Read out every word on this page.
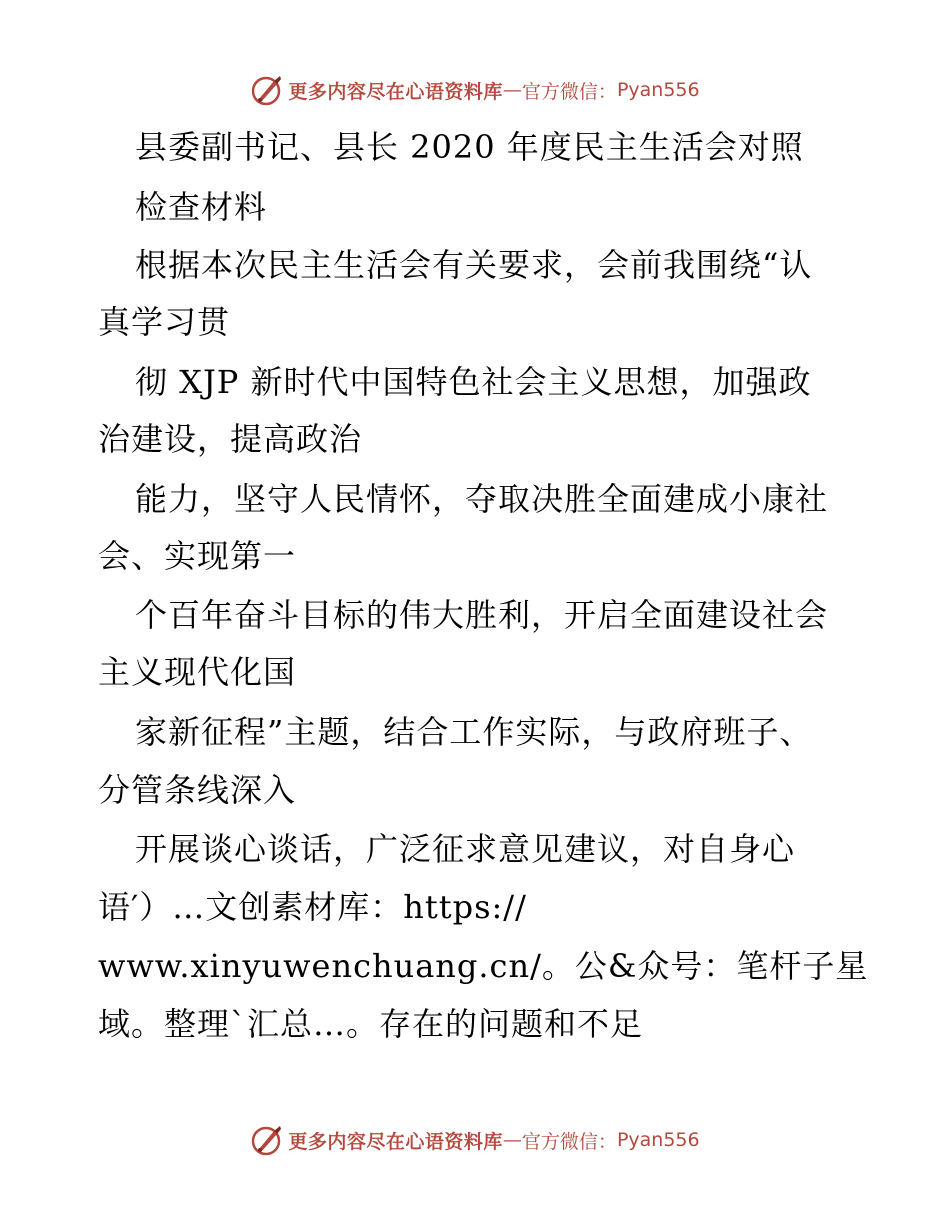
更多内容尽在心语资料库 — 官方微信： Pyan556
县委副书记、县长 2020 年度民主生活会对照
检查材料
根据本次民主生活会有关要求，会前我围绕“认
真学习贯
彻 XJP 新时代中国特色社会主义思想，加强政
治建设，提高政治
能力，坚守人民情怀，夺取决胜全面建成小康社
会、实现第一
个百年奋斗目标的伟大胜利，开启全面建设社会
主义现代化国
家新征程”主题，结合工作实际，与政府班子、
分管条线深入
开展谈心谈话，广泛征求意见建议，对自身心
语′）…文创素材库：https://
www.xinyuwenchuang.cn/。公&众号：笔杆子星
域。整理`汇总…。存在的问题和不足
更多内容尽在心语资料库 — 官方微信： Pyan556
